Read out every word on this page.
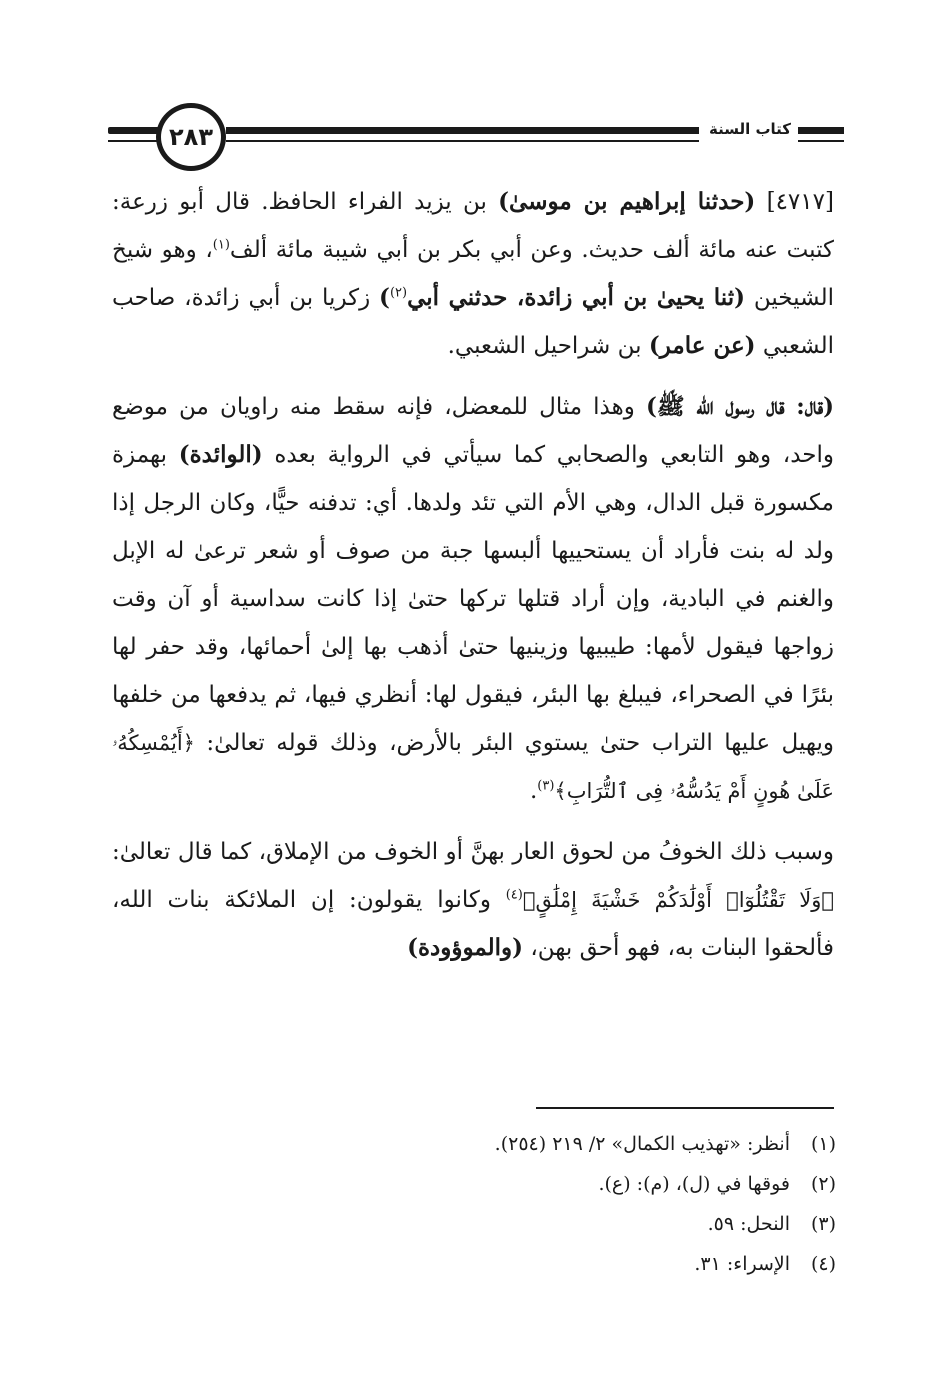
٢٨٣	كتاب السنة

[٤٧١٧] (حدثنا إبراهيم بن موسىٰ) بن يزيد الفراء الحافظ. قال أبو زرعة: كتبت عنه مائة ألف حديث. وعن أبي بكر بن أبي شيبة مائة ألف$^{(١)}$، وهو شيخ الشيخين (ثنا يحيىٰ بن أبي زائدة، حدثني أبي$^{(٢)}$) زكريا بن أبي زائدة، صاحب الشعبي (عن عامر) بن شراحيل الشعبي.

(قال: قال رسول الله ﷺ) وهذا مثال للمعضل، فإنه سقط منه راويان من موضع واحد، وهو التابعي والصحابي كما سيأتي في الرواية بعده (الوائدة) بهمزة مكسورة قبل الدال، وهي الأم التي تئد ولدها. أي: تدفنه حيًّا، وكان الرجل إذا ولد له بنت فأراد أن يستحييها ألبسها جبة من صوف أو شعر ترعىٰ له الإبل والغنم في البادية، وإن أراد قتلها تركها حتىٰ إذا كانت سداسية أو آن وقت زواجها فيقول لأمها: طيبيها وزينيها حتىٰ أذهب بها إلىٰ أحمائها، وقد حفر لها بئرًا في الصحراء، فيبلغ بها البئر، فيقول لها: أنظري فيها، ثم يدفعها من خلفها ويهيل عليها التراب حتىٰ يستوي البئر بالأرض، وذلك قوله تعالىٰ: ﴿أَيُمْسِكُهُۥ عَلَىٰ هُونٍ أَمْ يَدُسُّهُۥ فِى ٱلتُّرَابِ﴾$^{(٣)}$.

وسبب ذلك الخوفُ من لحوق العار بهنَّ أو الخوف من الإملاق، كما قال تعالىٰ: ﴿وَلَا تَقْتُلُوٓا۟ أَوْلَٰدَكُمْ خَشْيَةَ إِمْلَٰقٍ﴾$^{(٤)}$ وكانوا يقولون: إن الملائكة بنات الله، فألحقوا البنات به، فهو أحق بهن، (والموؤودة)

(١)أنظر: «تهذيب الكمال» ٢/ ٢١٩ (٢٥٤).
(٢)فوقها في (ل)، (م): (ع).
(٣)النحل: ٥٩.
(٤)الإسراء: ٣١.
